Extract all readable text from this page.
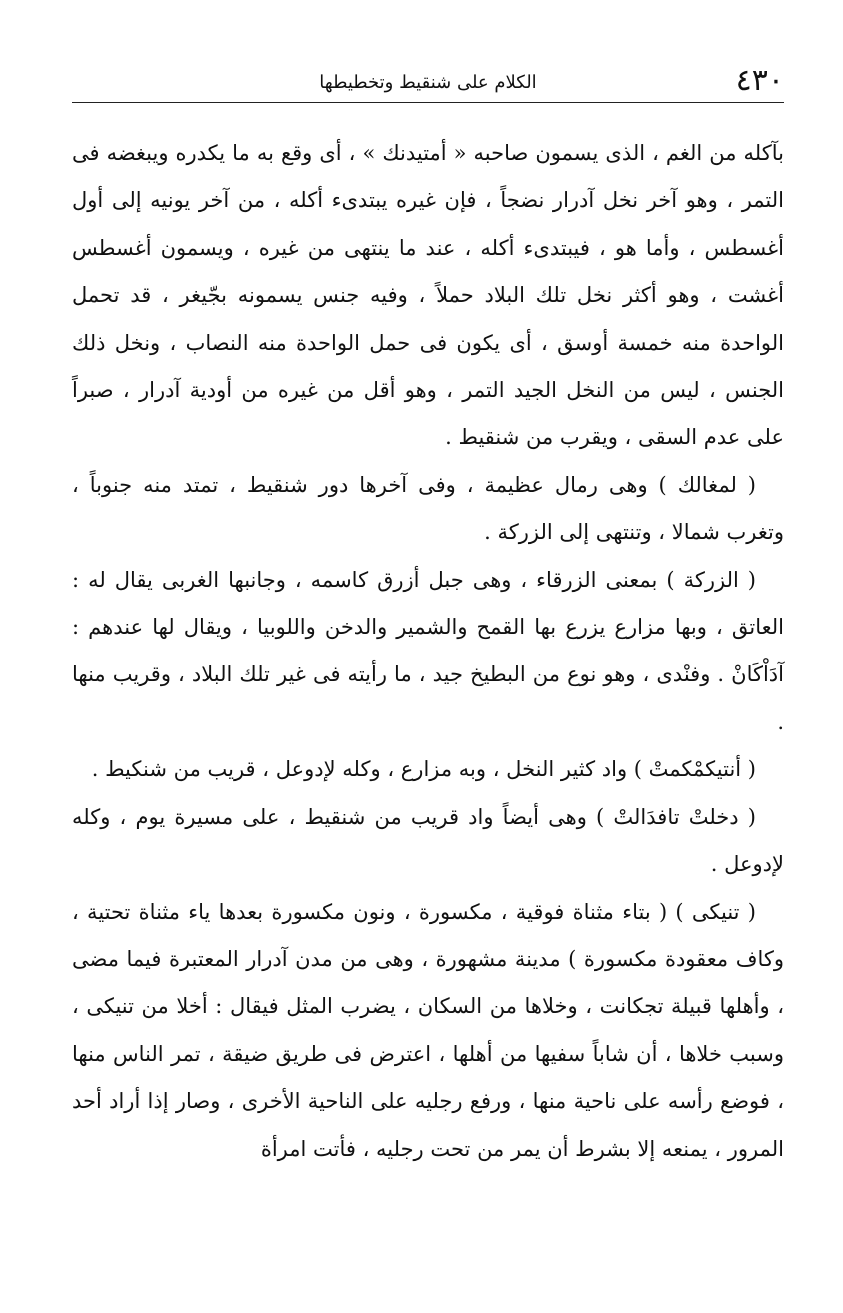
٤٣٠
الكلام على شنقيط وتخطيطها

بآكله من الغم ، الذى يسمون صاحبه « أمتيدنك » ، أى وقع به ما يكدره ويبغضه فى التمر ، وهو آخر نخل آدرار نضجاً ، فإن غيره يبتدىء أكله ، من آخر يونيه إلى أول أغسطس ، وأما هو ، فيبتدىء أكله ، عند ما ينتهى من غيره ، ويسمون أغسطس أغشت ، وهو أكثر نخل تلك البلاد حملاً ، وفيه جنس يسمونه بجّيغر ، قد تحمل الواحدة منه خمسة أوسق ، أى يكون فى حمل الواحدة منه النصاب ، ونخل ذلك الجنس ، ليس من النخل الجيد التمر ، وهو أقل من غيره من أودية آدرار ، صبراً على عدم السقى ، ويقرب من شنقيط .

( لمغالك ) وهى رمال عظيمة ، وفى آخرها دور شنقيط ، تمتد منه جنوباً ، وتغرب شمالا ، وتنتهى إلى الزركة .

( الزركة ) بمعنى الزرقاء ، وهى جبل أزرق كاسمه ، وجانبها الغربى يقال له : العاتق ، وبها مزارع يزرع بها القمح والشمير والدخن واللوبيا ، ويقال لها عندهم : آدَاْكَانْ . وفنْدى ، وهو نوع من البطيخ جيد ، ما رأيته فى غير تلك البلاد ، وقريب منها .

( أنتيكمْكمتْ ) واد كثير النخل ، وبه مزارع ، وكله لإدوعل ، قريب من شنكيط .

( دخلتْ تافدَالتْ ) وهى أيضاً واد قريب من شنقيط ، على مسيرة يوم ، وكله لإدوعل .

( تنيكى ) ( بتاء مثناة فوقية ، مكسورة ، ونون مكسورة بعدها ياء مثناة تحتية ، وكاف معقودة مكسورة ) مدينة مشهورة ، وهى من مدن آدرار المعتبرة فيما مضى ، وأهلها قبيلة تجكانت ، وخلاها من السكان ، يضرب المثل فيقال : أخلا من تنيكى ، وسبب خلاها ، أن شاباً سفيها من أهلها ، اعترض فى طريق ضيقة ، تمر الناس منها ، فوضع رأسه على ناحية منها ، ورفع رجليه على الناحية الأخرى ، وصار إذا أراد أحد المرور ، يمنعه إلا بشرط أن يمر من تحت رجليه ، فأتت امرأة
